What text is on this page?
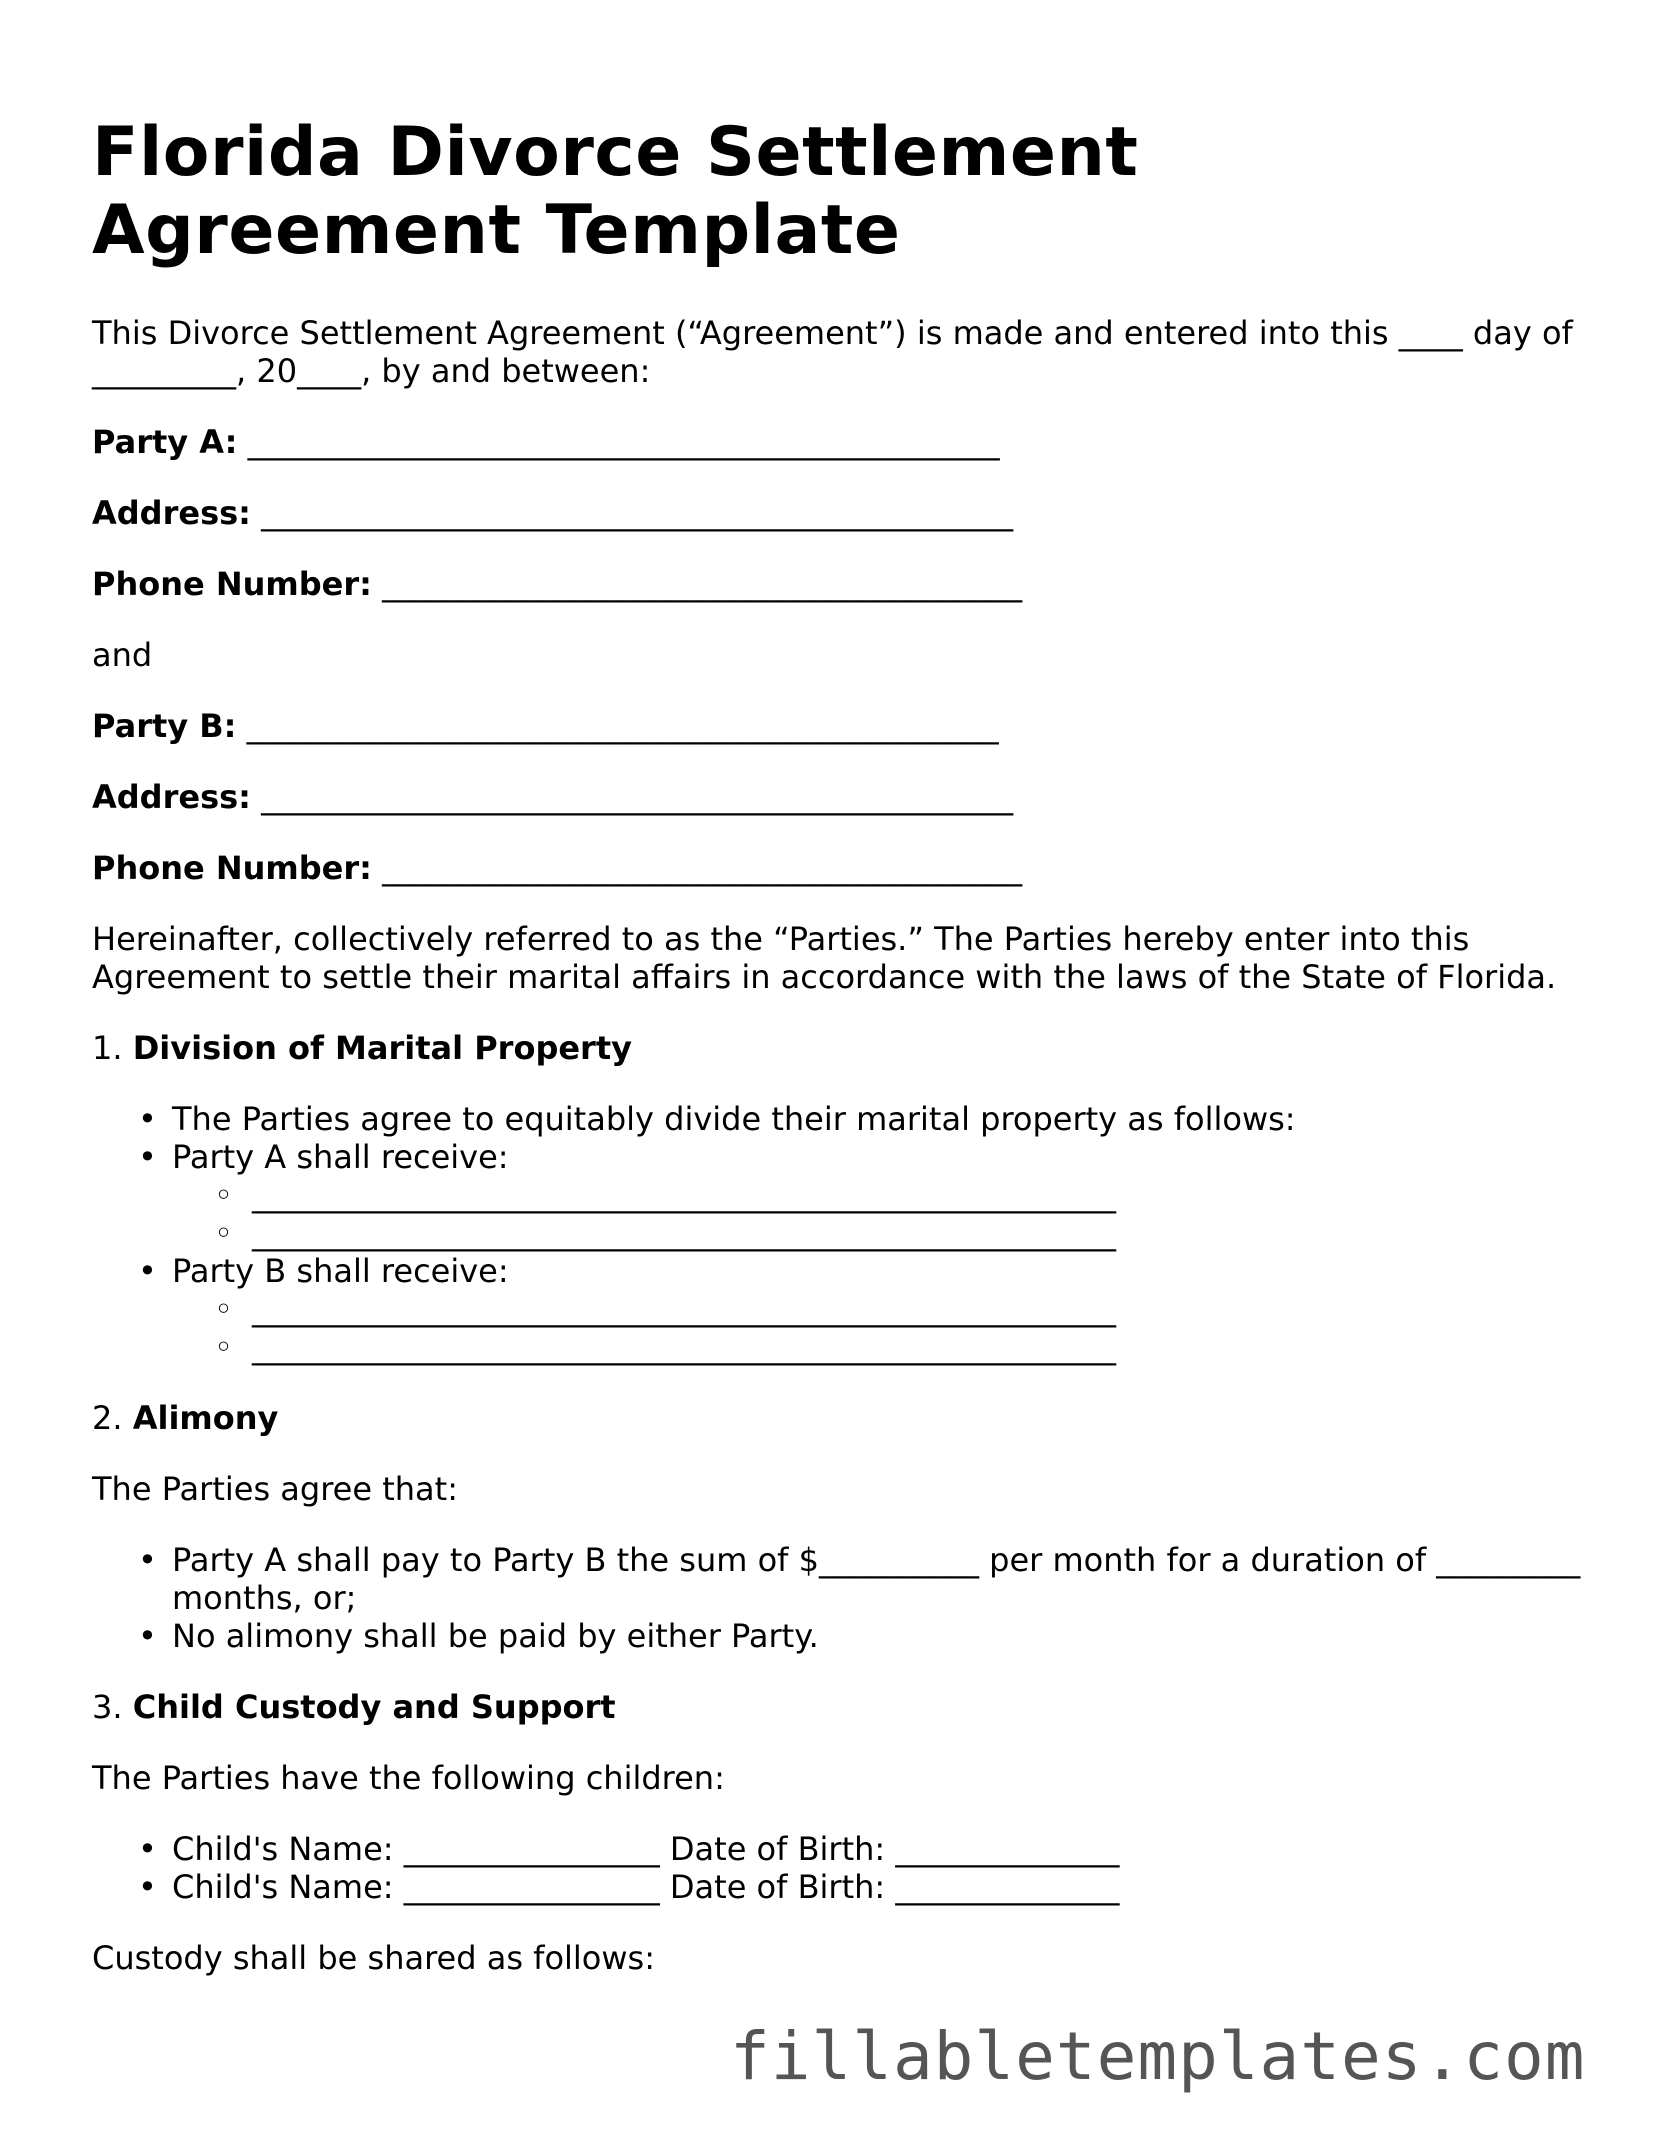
Florida Divorce Settlement Agreement Template

This Divorce Settlement Agreement (“Agreement”) is made and entered into this ____ day of _________, 20____, by and between:

Party A: _______________________________________________

Address: _______________________________________________

Phone Number: ________________________________________

and

Party B: _______________________________________________

Address: _______________________________________________

Phone Number: ________________________________________

Hereinafter, collectively referred to as the “Parties.” The Parties hereby enter into this Agreement to settle their marital affairs in accordance with the laws of the State of Florida.

1. Division of Marital Property

• The Parties agree to equitably divide their marital property as follows:
• Party A shall receive:
◦ ______________________________________________________
◦ ______________________________________________________
• Party B shall receive:
◦ ______________________________________________________
◦ ______________________________________________________

2. Alimony

The Parties agree that:

• Party A shall pay to Party B the sum of $__________ per month for a duration of _________ months, or;
• No alimony shall be paid by either Party.

3. Child Custody and Support

The Parties have the following children:

• Child's Name: ________________ Date of Birth: ______________
• Child's Name: ________________ Date of Birth: ______________

Custody shall be shared as follows:

fillabletemplates.com
